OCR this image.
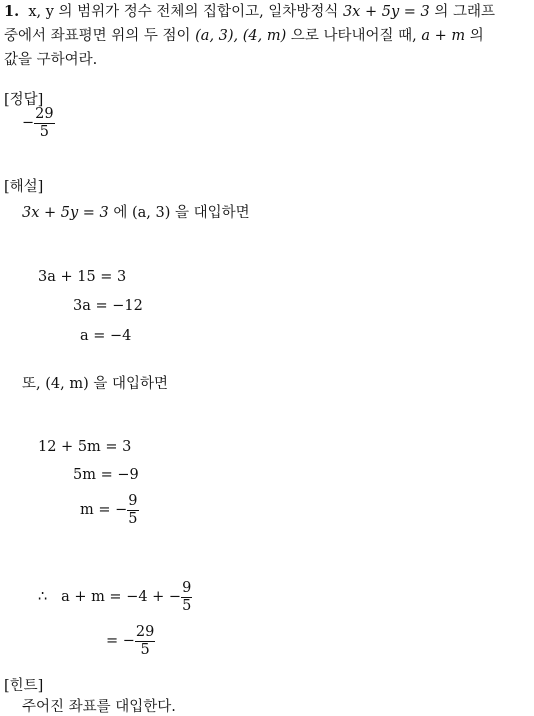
1. x, y 의 범위가 정수 전체의 집합이고, 일차방정식 3x + 5y = 3 의 그래프
중에서 좌표평면 위의 두 점이 (a, 3), (4, m) 으로 나타내어질 때, a + m 의
값을 구하여라.
[정답]
− $\frac{29}{5}$
[해설]
3x + 5y = 3 에 (a, 3) 을 대입하면
3a + 15 = 3
3a = −12
a = −4
또, (4, m) 을 대입하면
12 + 5m = 3
5m = −9
m = − $\frac{9}{5}$
∴ a + m = −4 + − $\frac{9}{5}$
= − $\frac{29}{5}$
[힌트]
주어진 좌표를 대입한다.
